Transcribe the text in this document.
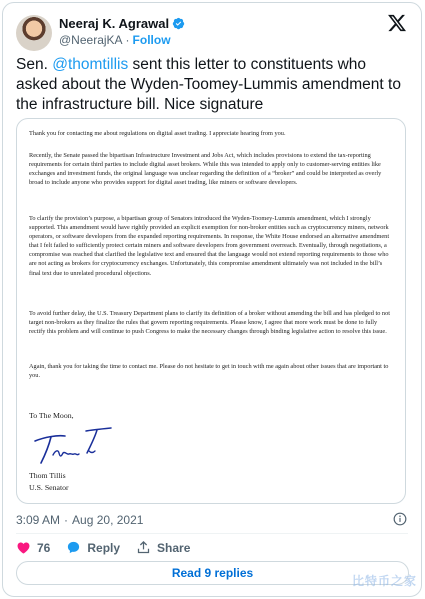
Neeraj K. Agrawal
@NeerajKA · Follow
Sen. @thomtillis sent this letter to constituents who asked about the Wyden-Toomey-Lummis amendment to the infrastructure bill. Nice signature

Thank you for contacting me about regulations on digital asset trading. I appreciate hearing from you.

Recently, the Senate passed the bipartisan Infrastructure Investment and Jobs Act, which includes provisions to extend the tax-reporting requirements for certain third parties to include digital asset brokers. While this was intended to apply only to customer-serving entities like exchanges and investment funds, the original language was unclear regarding the definition of a “broker” and could be interpreted as overly broad to include anyone who provides support for digital asset trading, like miners or software developers.

To clarify the provision’s purpose, a bipartisan group of Senators introduced the Wyden-Toomey-Lummis amendment, which I strongly supported. This amendment would have rightly provided an explicit exemption for non-broker entities such as cryptocurrency miners, network operators, or software developers from the expanded reporting requirements. In response, the White House endorsed an alternative amendment that I felt failed to sufficiently protect certain miners and software developers from government overreach. Eventually, through negotiations, a compromise was reached that clarified the legislative text and ensured that the language would not extend reporting requirements to those who are not acting as brokers for cryptocurrency exchanges. Unfortunately, this compromise amendment ultimately was not included in the bill’s final text due to unrelated procedural objections.

To avoid further delay, the U.S. Treasury Department plans to clarify its definition of a broker without amending the bill and has pledged to not target non-brokers as they finalize the rules that govern reporting requirements. Please know, I agree that more work must be done to fully rectify this problem and will continue to push Congress to make the necessary changes through binding legislative action to resolve this issue.

Again, thank you for taking the time to contact me. Please do not hesitate to get in touch with me again about other issues that are important to you.

To The Moon,
Thom Tillis
U.S. Senator
3:09 AM · Aug 20, 2021
76	Reply	Share
Read 9 replies
比特币之家
